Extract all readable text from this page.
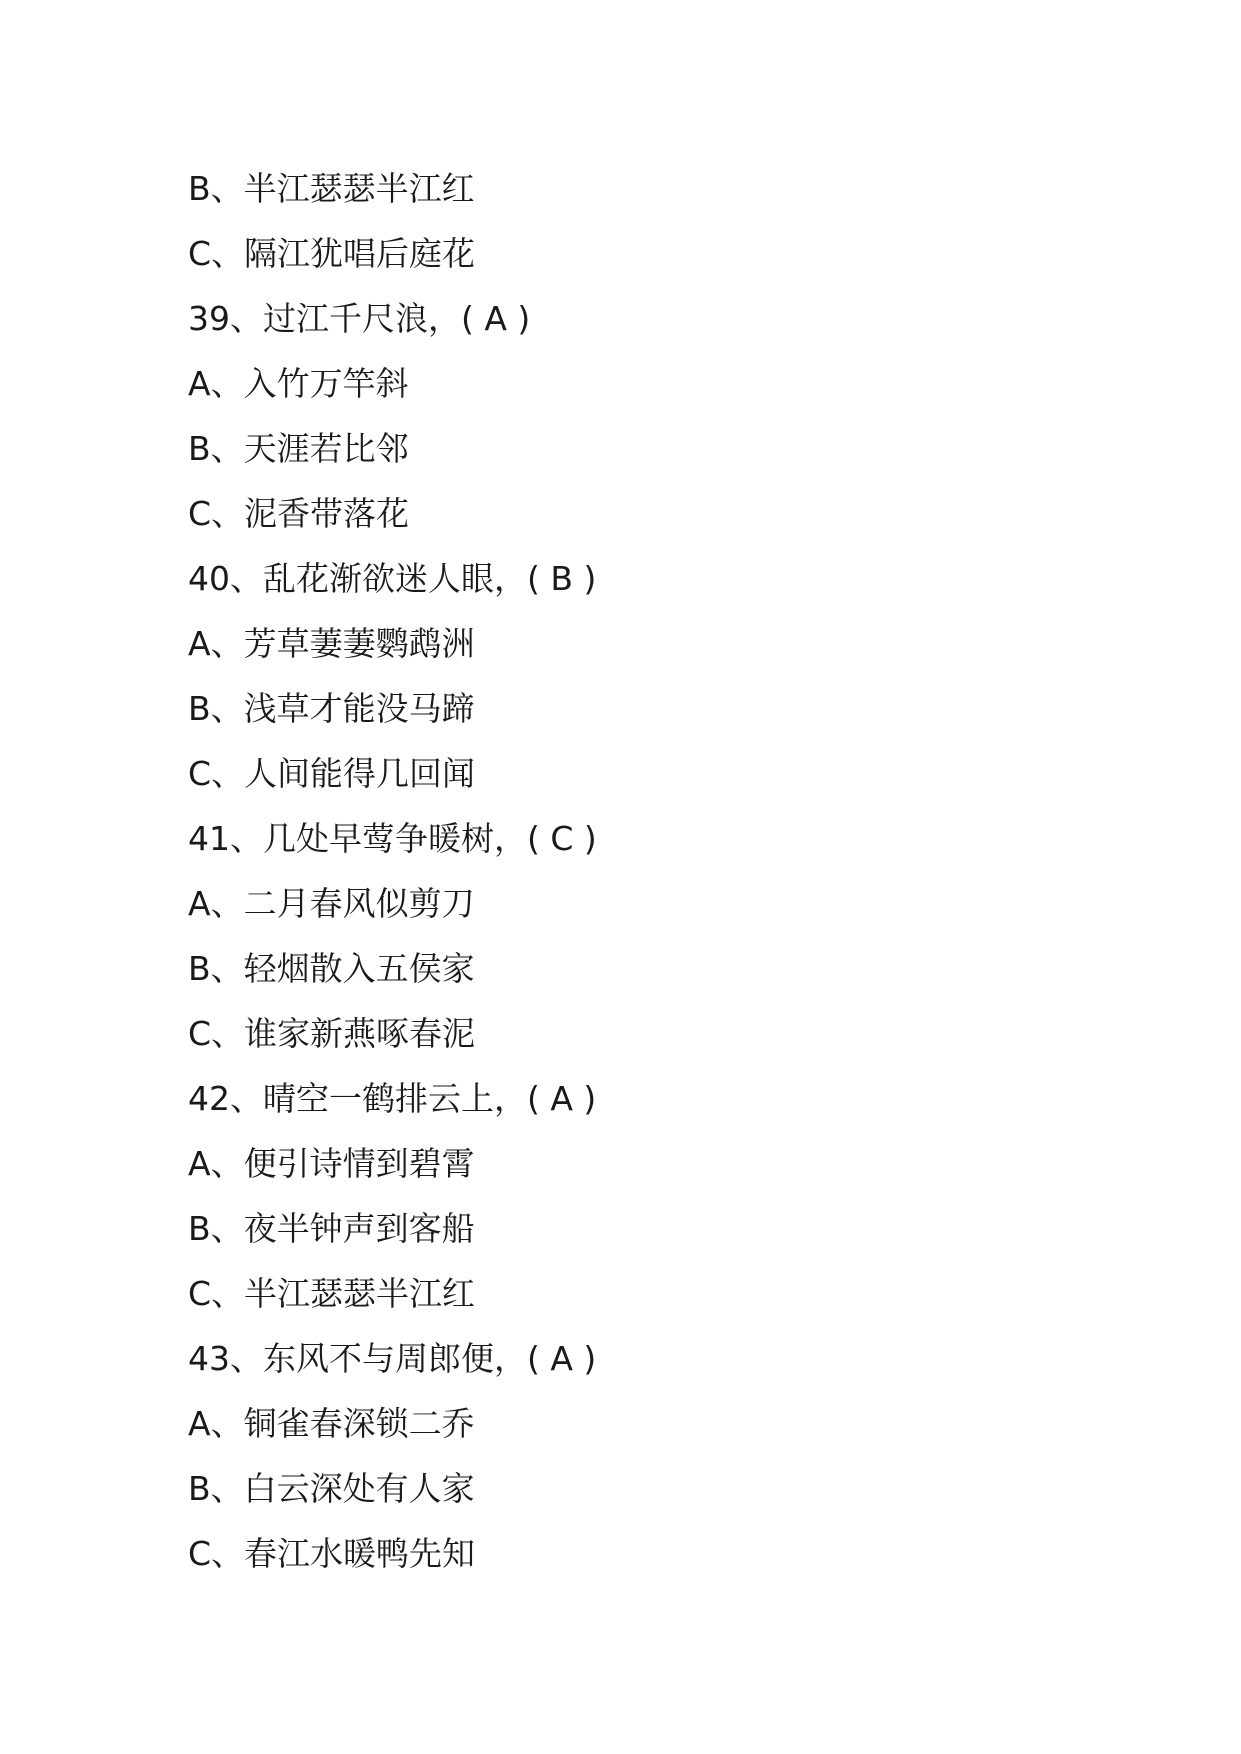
B、半江瑟瑟半江红
C、隔江犹唱后庭花
39、过江千尺浪，( A )
A、入竹万竿斜
B、天涯若比邻
C、泥香带落花
40、乱花渐欲迷人眼，( B )
A、芳草萋萋鹦鹉洲
B、浅草才能没马蹄
C、人间能得几回闻
41、几处早莺争暖树，( C )
A、二月春风似剪刀
B、轻烟散入五侯家
C、谁家新燕啄春泥
42、晴空一鹤排云上，( A )
A、便引诗情到碧霄
B、夜半钟声到客船
C、半江瑟瑟半江红
43、东风不与周郎便，( A )
A、铜雀春深锁二乔
B、白云深处有人家
C、春江水暖鸭先知
